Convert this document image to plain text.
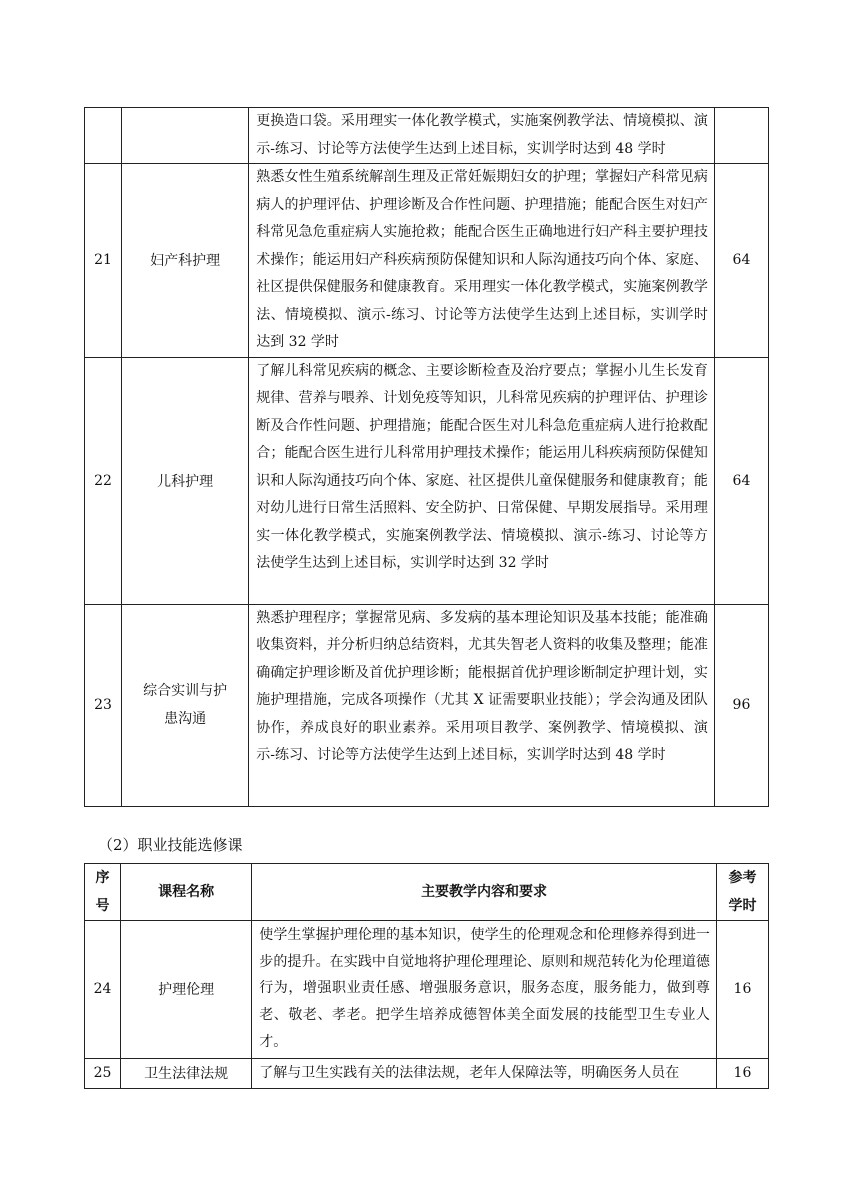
		更换造口袋。采用理实一体化教学模式，实施案例教学法、情境模拟、演示-练习、讨论等方法使学生达到上述目标，实训学时达到 48 学时	
21	妇产科护理	熟悉女性生殖系统解剖生理及正常妊娠期妇女的护理；掌握妇产科常见病病人的护理评估、护理诊断及合作性问题、护理措施；能配合医生对妇产科常见急危重症病人实施抢救；能配合医生正确地进行妇产科主要护理技术操作；能运用妇产科疾病预防保健知识和人际沟通技巧向个体、家庭、社区提供保健服务和健康教育。采用理实一体化教学模式，实施案例教学法、情境模拟、演示-练习、讨论等方法使学生达到上述目标，实训学时达到 32 学时	64
22	儿科护理	了解儿科常见疾病的概念、主要诊断检查及治疗要点；掌握小儿生长发育规律、营养与喂养、计划免疫等知识，儿科常见疾病的护理评估、护理诊断及合作性问题、护理措施；能配合医生对儿科急危重症病人进行抢救配合；能配合医生进行儿科常用护理技术操作；能运用儿科疾病预防保健知识和人际沟通技巧向个体、家庭、社区提供儿童保健服务和健康教育；能对幼儿进行日常生活照料、安全防护、日常保健、早期发展指导。采用理实一体化教学模式，实施案例教学法、情境模拟、演示-练习、讨论等方法使学生达到上述目标，实训学时达到 32 学时	64
23	综合实训与护患沟通	熟悉护理程序；掌握常见病、多发病的基本理论知识及基本技能；能准确收集资料，并分析归纳总结资料，尤其失智老人资料的收集及整理；能准确确定护理诊断及首优护理诊断；能根据首优护理诊断制定护理计划，实施护理措施，完成各项操作（尤其 X 证需要职业技能）；学会沟通及团队协作，养成良好的职业素养。采用项目教学、案例教学、情境模拟、演示-练习、讨论等方法使学生达到上述目标，实训学时达到 48 学时	96
（2）职业技能选修课
序号	课程名称	主要教学内容和要求	参考学时
24	护理伦理	使学生掌握护理伦理的基本知识，使学生的伦理观念和伦理修养得到进一步的提升。在实践中自觉地将护理伦理理论、原则和规范转化为伦理道德行为，增强职业责任感、增强服务意识，服务态度，服务能力，做到尊老、敬老、孝老。把学生培养成德智体美全面发展的技能型卫生专业人才。	16
25	卫生法律法规	了解与卫生实践有关的法律法规，老年人保障法等，明确医务人员在	16
